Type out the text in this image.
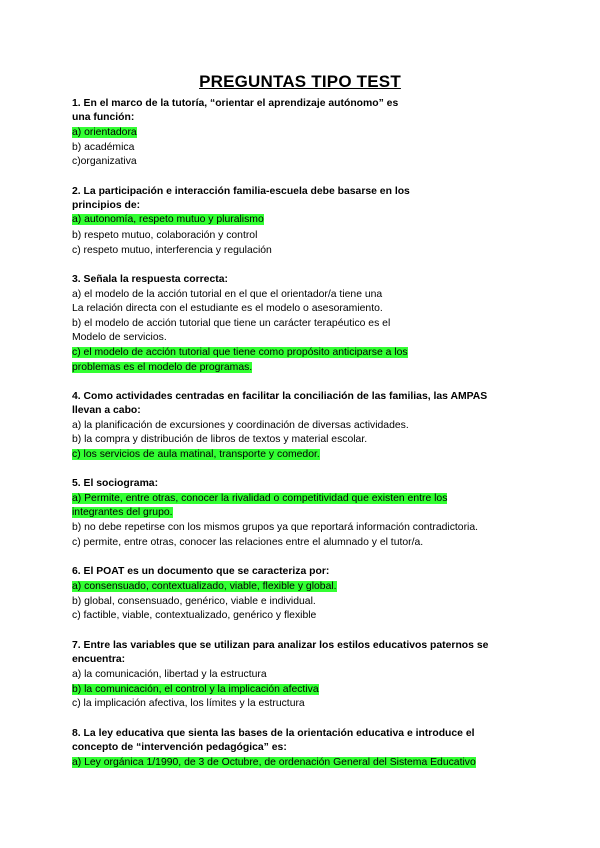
PREGUNTAS TIPO TEST
1. En el marco de la tutoría, “orientar el aprendizaje autónomo” es
una función:
a) orientadora
b) académica
c)organizativa
2. La participación e interacción familia-escuela debe basarse en los
principios de:
a) autonomía, respeto mutuo y pluralismo
b) respeto mutuo, colaboración y control
c) respeto mutuo, interferencia y regulación
3. Señala la respuesta correcta:
a) el modelo de la acción tutorial en el que el orientador/a tiene una
La relación directa con el estudiante es el modelo o asesoramiento.
b) el modelo de acción tutorial que tiene un carácter terapéutico es el
Modelo de servicios.
c) el modelo de acción tutorial que tiene como propósito anticiparse a los
problemas es el modelo de programas.
4. Como actividades centradas en facilitar la conciliación de las familias, las AMPAS
llevan a cabo:
a) la planificación de excursiones y coordinación de diversas actividades.
b) la compra y distribución de libros de textos y material escolar.
c) los servicios de aula matinal, transporte y comedor.
5. El sociograma:
a) Permite, entre otras, conocer la rivalidad o competitividad que existen entre los
integrantes del grupo.
b) no debe repetirse con los mismos grupos ya que reportará información contradictoria.
c) permite, entre otras, conocer las relaciones entre el alumnado y el tutor/a.
6. El POAT es un documento que se caracteriza por:
a) consensuado, contextualizado, viable, flexible y global.
b) global, consensuado, genérico, viable e individual.
c) factible, viable, contextualizado, genérico y flexible
7. Entre las variables que se utilizan para analizar los estilos educativos paternos se
encuentra:
a) la comunicación, libertad y la estructura
b) la comunicación, el control y la implicación afectiva
c) la implicación afectiva, los límites y la estructura
8. La ley educativa que sienta las bases de la orientación educativa e introduce el
concepto de “intervención pedagógica” es:
a) Ley orgánica 1/1990, de 3 de Octubre, de ordenación General del Sistema Educativo
